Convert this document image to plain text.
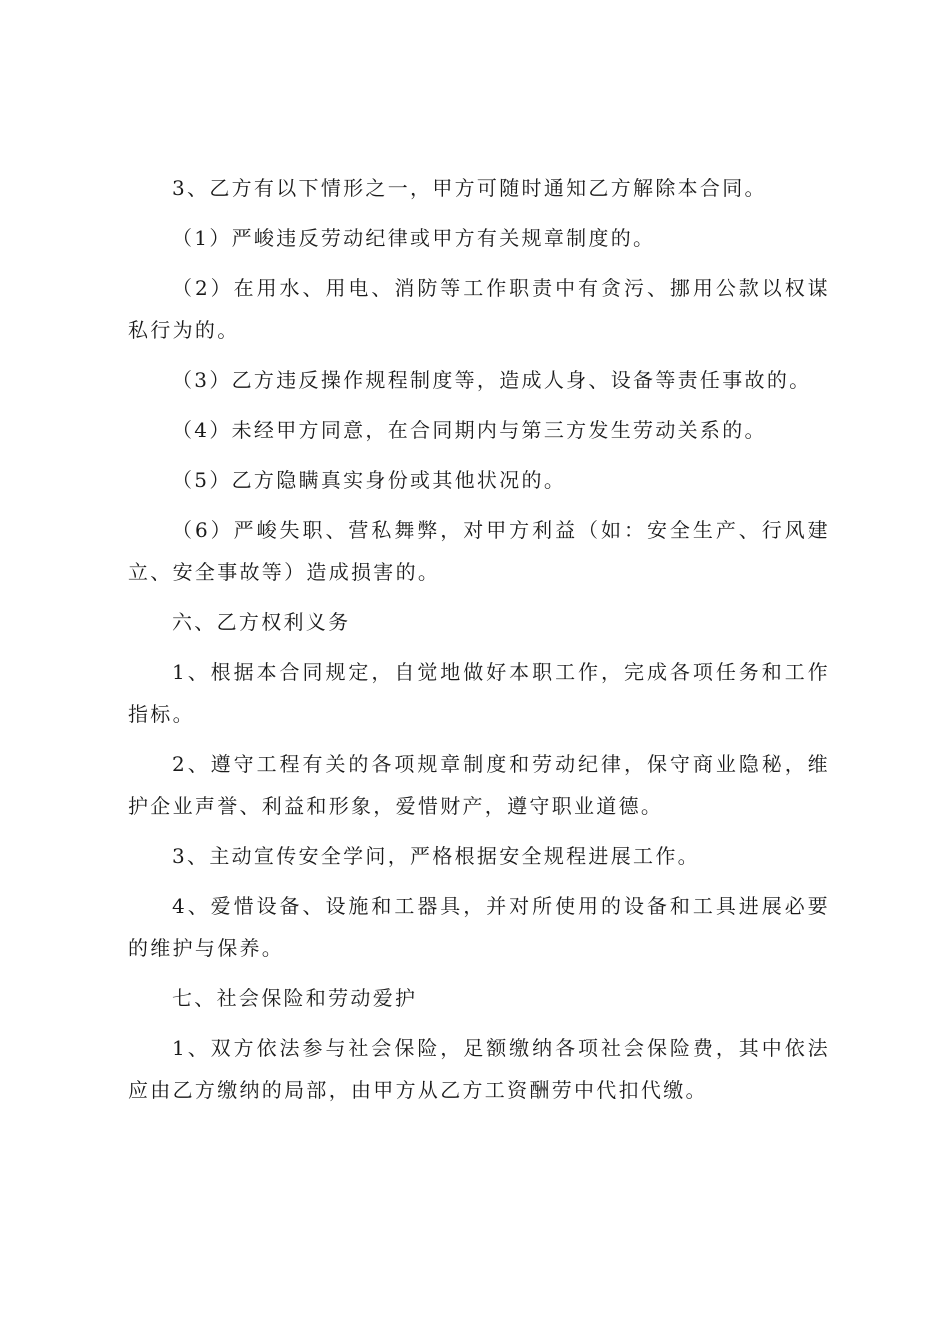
3、乙方有以下情形之一，甲方可随时通知乙方解除本合同。

（1）严峻违反劳动纪律或甲方有关规章制度的。

（2）在用水、用电、消防等工作职责中有贪污、挪用公款以权谋私行为的。

（3）乙方违反操作规程制度等，造成人身、设备等责任事故的。

（4）未经甲方同意，在合同期内与第三方发生劳动关系的。

（5）乙方隐瞒真实身份或其他状况的。

（6）严峻失职、营私舞弊，对甲方利益（如：安全生产、行风建立、安全事故等）造成损害的。

六、乙方权利义务

1、根据本合同规定，自觉地做好本职工作，完成各项任务和工作指标。

2、遵守工程有关的各项规章制度和劳动纪律，保守商业隐秘，维护企业声誉、利益和形象，爱惜财产，遵守职业道德。

3、主动宣传安全学问，严格根据安全规程进展工作。

4、爱惜设备、设施和工器具，并对所使用的设备和工具进展必要的维护与保养。

七、社会保险和劳动爱护

1、双方依法参与社会保险，足额缴纳各项社会保险费，其中依法应由乙方缴纳的局部，由甲方从乙方工资酬劳中代扣代缴。
